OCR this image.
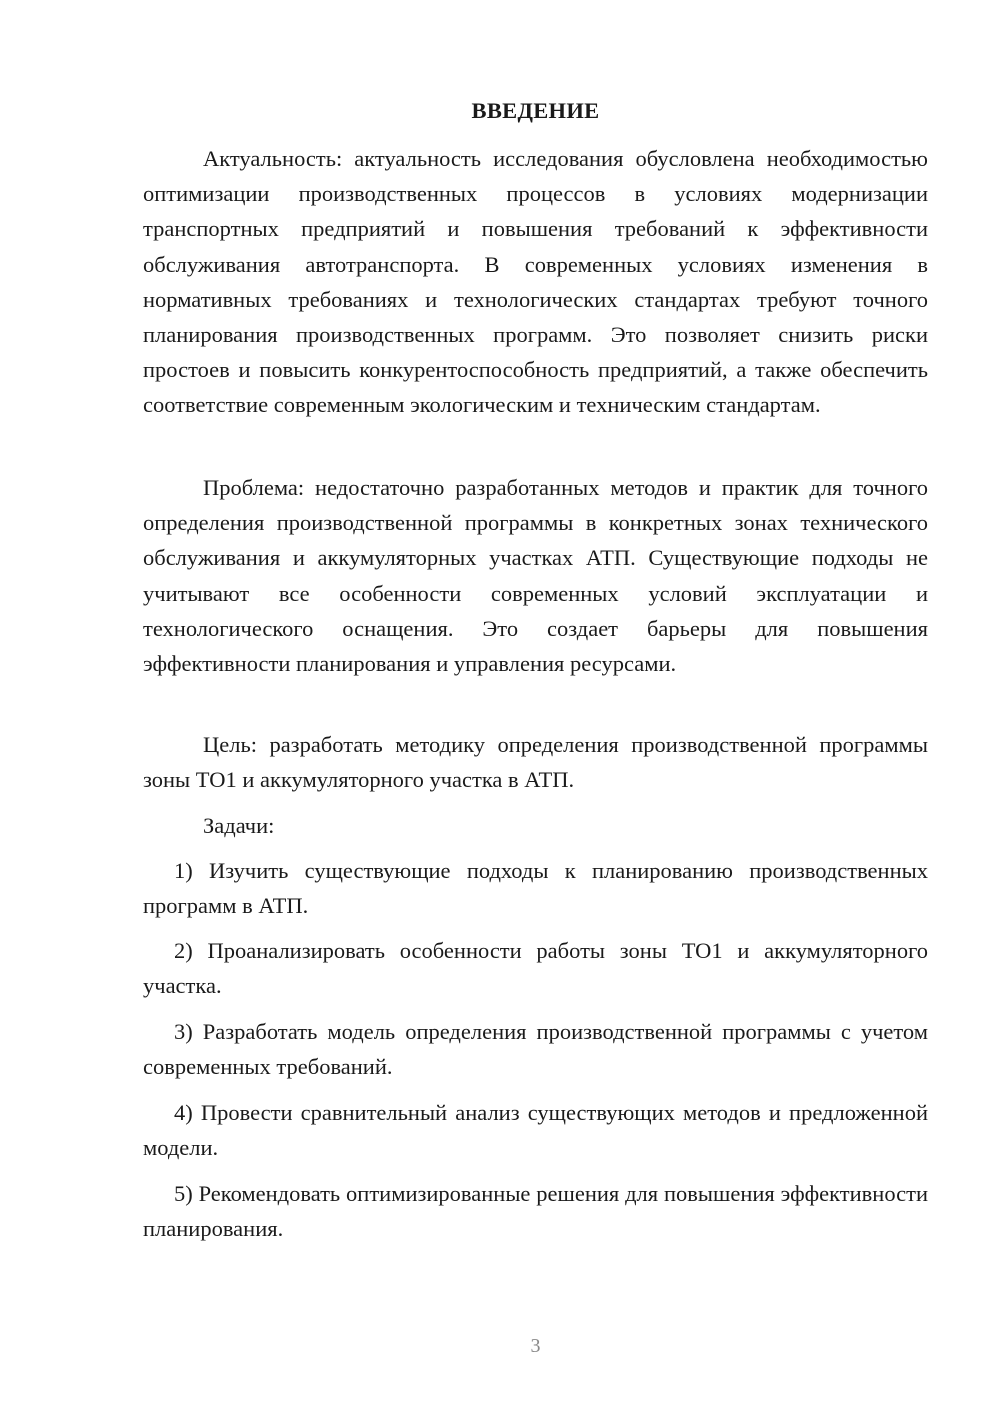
ВВЕДЕНИЕ

Актуальность: актуальность исследования обусловлена необходимостью оптимизации производственных процессов в условиях модернизации транспортных предприятий и повышения требований к эффективности обслуживания автотранспорта. В современных условиях изменения в нормативных требованиях и технологических стандартах требуют точного планирования производственных программ. Это позволяет снизить риски простоев и повысить конкурентоспособность предприятий, а также обеспечить соответствие современным экологическим и техническим стандартам.

Проблема: недостаточно разработанных методов и практик для точного определения производственной программы в конкретных зонах технического обслуживания и аккумуляторных участках АТП. Существующие подходы не учитывают все особенности современных условий эксплуатации и технологического оснащения. Это создает барьеры для повышения эффективности планирования и управления ресурсами.

Цель: разработать методику определения производственной программы зоны ТО1 и аккумуляторного участка в АТП.

Задачи:

1) Изучить существующие подходы к планированию производственных программ в АТП.

2) Проанализировать особенности работы зоны ТО1 и аккумуляторного участка.

3) Разработать модель определения производственной программы с учетом современных требований.

4) Провести сравнительный анализ существующих методов и предложенной модели.

5) Рекомендовать оптимизированные решения для повышения эффективности планирования.

3
